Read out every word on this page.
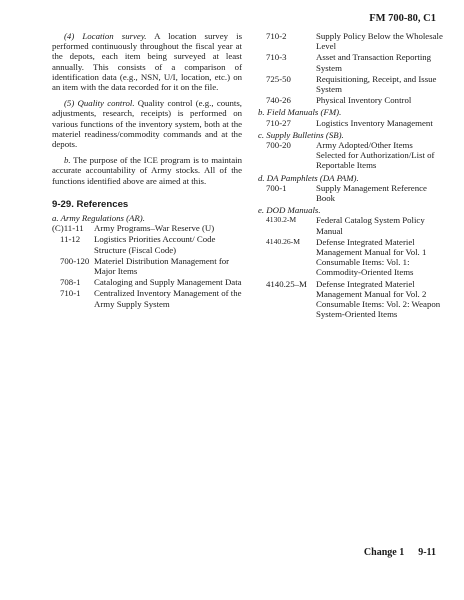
FM 700-80, C1

(4) Location survey. A location survey is performed continuously throughout the fiscal year at the depots, each item being surveyed at least annually. This consists of a comparison of identification data (e.g., NSN, U/I, location, etc.) on an item with the data recorded for it on the file.

(5) Quality control. Quality control (e.g., counts, adjustments, research, receipts) is performed on various functions of the inventory system, both at the materiel readiness/commodity commands and at the depots.

b. The purpose of the ICE program is to maintain accurate accountability of Army stocks. All of the functions identified above are aimed at this.

9-29. References
a. Army Regulations (AR).
(C)11-11	Army Programs–War Reserve (U)
11-12	Logistics Priorities Account/ Code Structure (Fiscal Code)
700-120 Materiel Distribution Management for Major Items
708-1	Cataloging and Supply Management Data
710-1	Centralized Inventory Management of the Army Supply System
710-2	Supply Policy Below the Wholesale Level
710-3	Asset and Transaction Reporting System
725-50	Requisitioning, Receipt, and Issue System
740-26	Physical Inventory Control
b. Field Manuals (FM).
710-27	Logistics Inventory Management
c. Supply Bulletins (SB).
700-20	Army Adopted/Other Items Selected for Authorization/List of Reportable Items
d. DA Pamphlets (DA PAM).
700-1	Supply Management Reference Book
e. DOD Manuals.
4130.2-M	Federal Catalog System Policy Manual
4140.26-M	Defense Integrated Materiel Management Manual for Vol. 1 Consumable Items: Vol. 1: Commodity-Oriented Items
4140.25–M	Defense Integrated Materiel Management Manual for Vol. 2 Consumable Items: Vol. 2: Weapon System-Oriented Items
Change 1 9-11
